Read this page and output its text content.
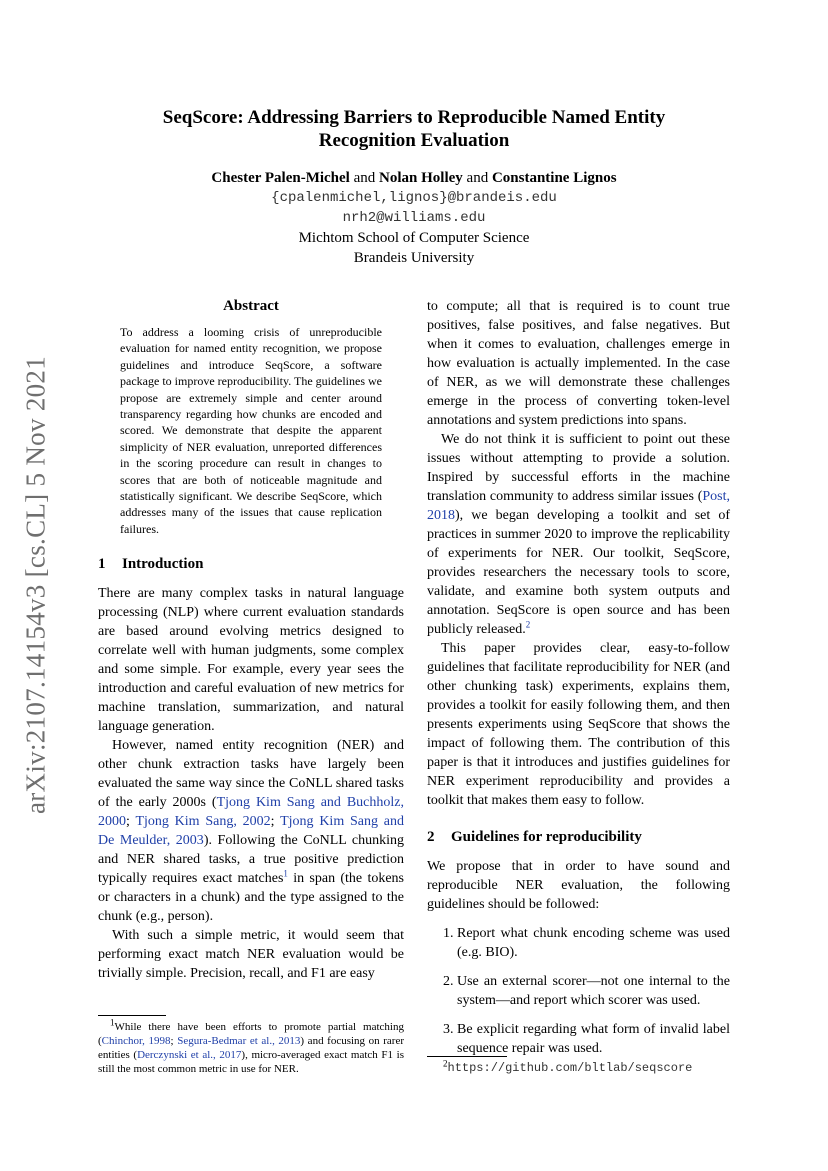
arXiv:2107.14154v3 [cs.CL] 5 Nov 2021
SeqScore: Addressing Barriers to Reproducible Named Entity
Recognition Evaluation
Chester Palen-Michel and Nolan Holley and Constantine Lignos
{cpalenmichel,lignos}@brandeis.edu
nrh2@williams.edu
Michtom School of Computer Science
Brandeis University
Abstract
To address a looming crisis of unreproducible evaluation for named entity recognition, we propose guidelines and introduce SeqScore, a software package to improve reproducibility. The guidelines we propose are extremely simple and center around transparency regarding how chunks are encoded and scored. We demonstrate that despite the apparent simplicity of NER evaluation, unreported differences in the scoring procedure can result in changes to scores that are both of noticeable magnitude and statistically significant. We describe SeqScore, which addresses many of the issues that cause replication failures.
1 Introduction

There are many complex tasks in natural language processing (NLP) where current evaluation standards are based around evolving metrics designed to correlate well with human judgments, some complex and some simple. For example, every year sees the introduction and careful evaluation of new metrics for machine translation, summarization, and natural language generation.

However, named entity recognition (NER) and other chunk extraction tasks have largely been evaluated the same way since the CoNLL shared tasks of the early 2000s (Tjong Kim Sang and Buchholz, 2000; Tjong Kim Sang, 2002; Tjong Kim Sang and De Meulder, 2003). Following the CoNLL chunking and NER shared tasks, a true positive prediction typically requires exact matches$^1$ in span (the tokens or characters in a chunk) and the type assigned to the chunk (e.g., person).

With such a simple metric, it would seem that performing exact match NER evaluation would be trivially simple. Precision, recall, and F1 are easy

$^1$While there have been efforts to promote partial matching (Chinchor, 1998; Segura-Bedmar et al., 2013) and focusing on rarer entities (Derczynski et al., 2017), micro-averaged exact match F1 is still the most common metric in use for NER.

to compute; all that is required is to count true positives, false positives, and false negatives. But when it comes to evaluation, challenges emerge in how evaluation is actually implemented. In the case of NER, as we will demonstrate these challenges emerge in the process of converting token-level annotations and system predictions into spans.

We do not think it is sufficient to point out these issues without attempting to provide a solution. Inspired by successful efforts in the machine translation community to address similar issues (Post, 2018), we began developing a toolkit and set of practices in summer 2020 to improve the replicability of experiments for NER. Our toolkit, SeqScore, provides researchers the necessary tools to score, validate, and examine both system outputs and annotation. SeqScore is open source and has been publicly released.$^2$

This paper provides clear, easy-to-follow guidelines that facilitate reproducibility for NER (and other chunking task) experiments, explains them, provides a toolkit for easily following them, and then presents experiments using SeqScore that shows the impact of following them. The contribution of this paper is that it introduces and justifies guidelines for NER experiment reproducibility and provides a toolkit that makes them easy to follow.

2 Guidelines for reproducibility

We propose that in order to have sound and reproducible NER evaluation, the following guidelines should be followed:

1. Report what chunk encoding scheme was used (e.g. BIO).
2. Use an external scorer—not one internal to the system—and report which scorer was used.
3. Be explicit regarding what form of invalid label sequence repair was used.
$^2$https://github.com/bltlab/seqscore
